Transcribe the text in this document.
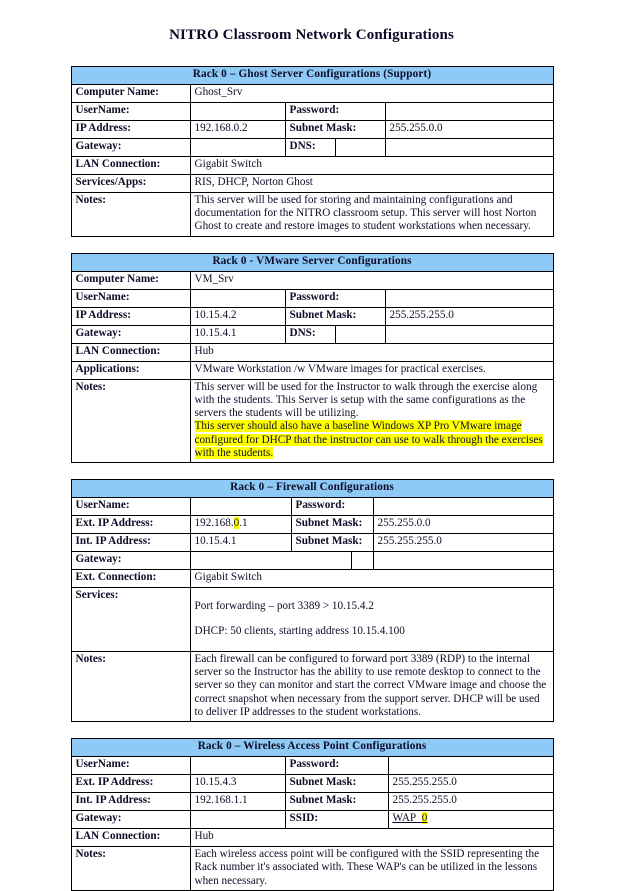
NITRO Classroom Network Configurations
Rack 0 – Ghost Server Configurations (Support)				
Computer Name:	Ghost_Srv			
UserName:		Password:		
IP Address:	192.168.0.2	Subnet Mask:		255.255.0.0
Gateway:		DNS:		
LAN Connection:	Gigabit Switch			
Services/Apps:	RIS, DHCP, Norton Ghost			
Notes:	This server will be used for storing and maintaining configurations and documentation for the NITRO classroom setup. This server will host Norton Ghost to create and restore images to student workstations when necessary.			
Rack 0 - VMware Server Configurations				
Computer Name:	VM_Srv			
UserName:		Password:		
IP Address:	10.15.4.2	Subnet Mask:		255.255.255.0
Gateway:	10.15.4.1	DNS:		
LAN Connection:	Hub			
Applications:	VMware Workstation /w VMware images for practical exercises.			
Notes:	This server will be used for the Instructor to walk through the exercise along with the students. This Server is setup with the same configurations as the servers the students will be utilizing.

This server should also have a baseline Windows XP Pro VMware image configured for DHCP that the instructor can use to walk through the exercises with the students.			

Rack 0 – Firewall Configurations				
UserName:		Password:		
Ext. IP Address:	192.168.0.1	Subnet Mask:		255.255.0.0
Int. IP Address:	10.15.4.1	Subnet Mask:		255.255.255.0
Gateway:				
Ext. Connection:	Gigabit Switch			
Services:	Port forwarding – port 3389 > 10.15.4.2

DHCP: 50 clients, starting address 10.15.4.100			

Notes:	Each firewall can be configured to forward port 3389 (RDP) to the internal server so the Instructor has the ability to use remote desktop to connect to the server so they can monitor and start the correct VMware image and choose the correct snapshot when necessary from the support server. DHCP will be used to deliver IP addresses to the student workstations.			
Rack 0 – Wireless Access Point Configurations			
UserName:		Password:	
Ext. IP Address:	10.15.4.3	Subnet Mask:	255.255.255.0
Int. IP Address:	192.168.1.1	Subnet Mask:	255.255.255.0
Gateway:		SSID:	WAP_0
LAN Connection:	Hub		
Notes:	Each wireless access point will be configured with the SSID representing the Rack number it's associated with. These WAP's can be utilized in the lessons when necessary.		
